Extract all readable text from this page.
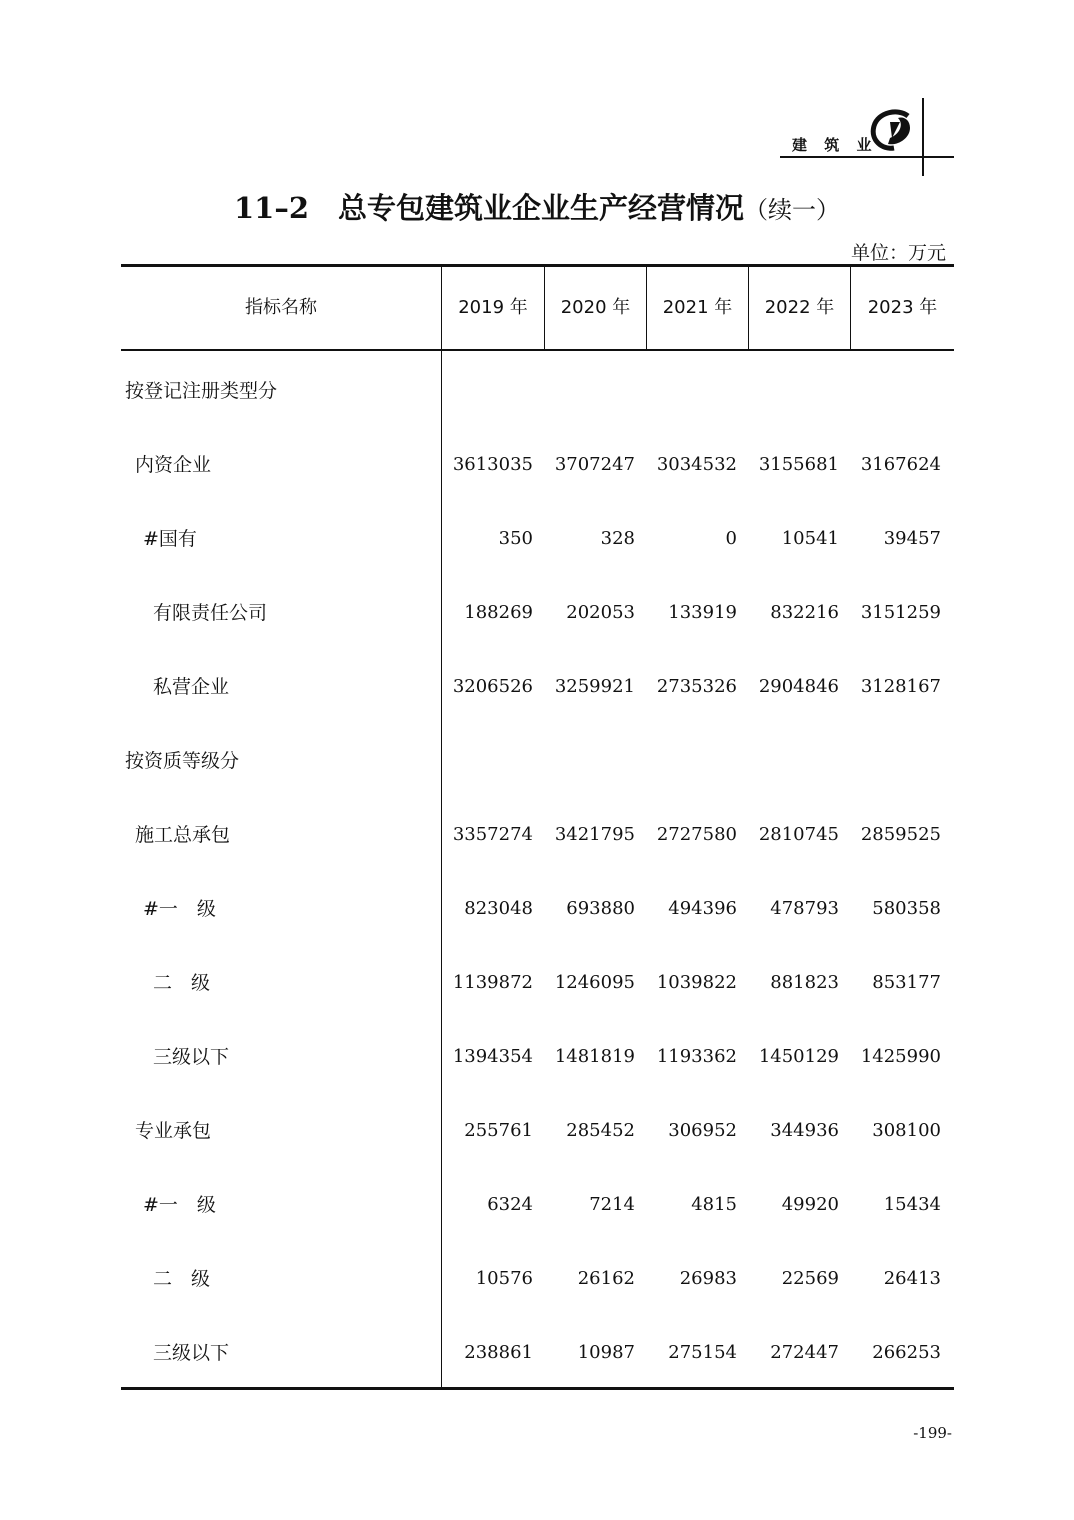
建 筑 业
11–2　总专包建筑业企业生产经营情况（续一）
单位：万元
指标名称	2019 年	2020 年	2021 年	2022 年	2023 年
按登记注册类型分
内资企业	3613035	3707247	3034532	3155681	3167624
#国有	350	328	0	10541	39457
有限责任公司	188269	202053	133919	832216	3151259
私营企业	3206526	3259921	2735326	2904846	3128167
按资质等级分
施工总承包	3357274	3421795	2727580	2810745	2859525
#一　级	823048	693880	494396	478793	580358
二　级	1139872	1246095	1039822	881823	853177
三级以下	1394354	1481819	1193362	1450129	1425990
专业承包	255761	285452	306952	344936	308100
#一　级	6324	7214	4815	49920	15434
二　级	10576	26162	26983	22569	26413
三级以下	238861	10987	275154	272447	266253
-199-
